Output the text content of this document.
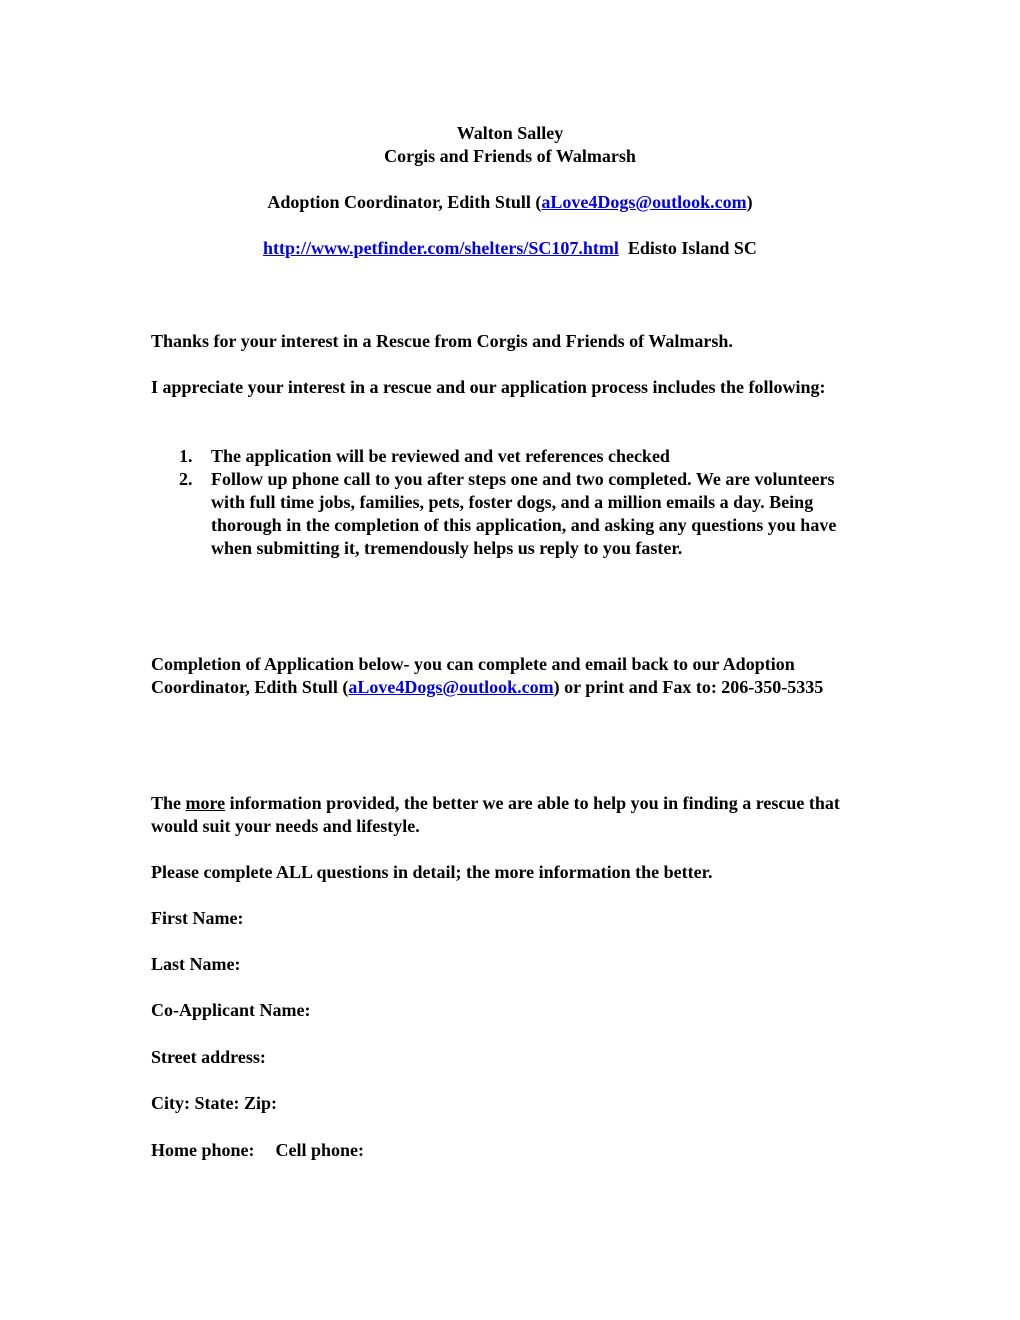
Walton Salley
Corgis and Friends of Walmarsh
Adoption Coordinator, Edith Stull (aLove4Dogs@outlook.com)
http://www.petfinder.com/shelters/SC107.html Edisto Island SC
Thanks for your interest in a Rescue from Corgis and Friends of Walmarsh.
I appreciate your interest in a rescue and our application process includes the following:
1. The application will be reviewed and vet references checked
2. Follow up phone call to you after steps one and two completed. We are volunteers with full time jobs, families, pets, foster dogs, and a million emails a day. Being thorough in the completion of this application, and asking any questions you have when submitting it, tremendously helps us reply to you faster.
Completion of Application below- you can complete and email back to our Adoption Coordinator, Edith Stull (aLove4Dogs@outlook.com) or print and Fax to: 206-350-5335
The more information provided, the better we are able to help you in finding a rescue that would suit your needs and lifestyle.
Please complete ALL questions in detail; the more information the better.
First Name:
Last Name:
Co-Applicant Name:
Street address:
City: State: Zip:
Home phone: Cell phone:
